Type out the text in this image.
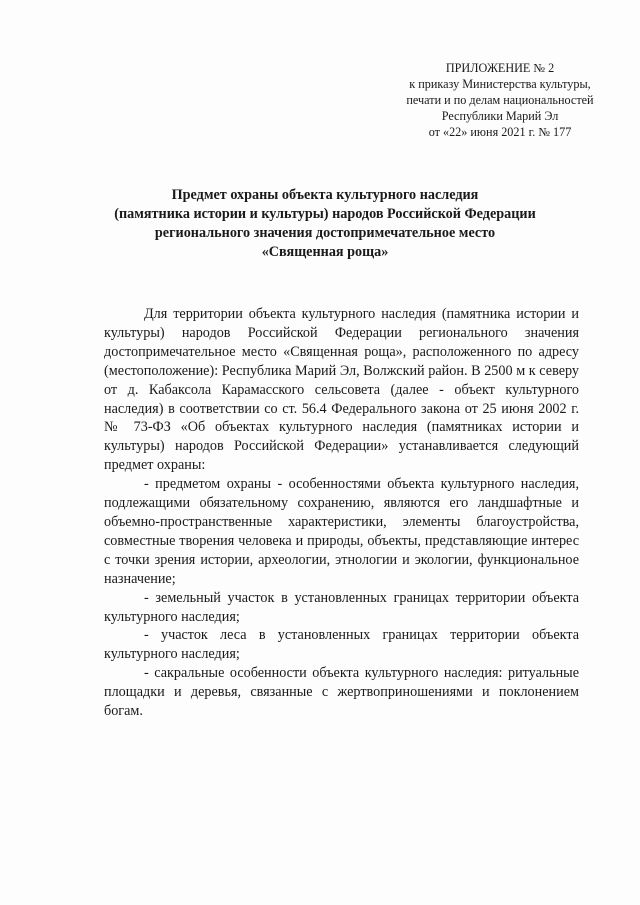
ПРИЛОЖЕНИЕ № 2
к приказу Министерства культуры,
печати и по делам национальностей
Республики Марий Эл
от «22» июня 2021 г. № 177
Предмет охраны объекта культурного наследия
(памятника истории и культуры) народов Российской Федерации
регионального значения достопримечательное место
«Священная роща»

Для территории объекта культурного наследия (памятника истории и культуры) народов Российской Федерации регионального значения достопримечательное место «Священная роща», расположенного по адресу (местоположение): Республика Марий Эл, Волжский район. В 2500 м к северу от д. Кабаксола Карамасского сельсовета (далее - объект культурного наследия) в соответствии со ст. 56.4 Федерального закона от 25 июня 2002 г. № 73-ФЗ «Об объектах культурного наследия (памятниках истории и культуры) народов Российской Федерации» устанавливается следующий предмет охраны:

- предметом охраны - особенностями объекта культурного наследия, подлежащими обязательному сохранению, являются его ландшафтные и объемно-пространственные характеристики, элементы благоустройства, совместные творения человека и природы, объекты, представляющие интерес с точки зрения истории, археологии, этнологии и экологии, функциональное назначение;

- земельный участок в установленных границах территории объекта культурного наследия;

- участок леса в установленных границах территории объекта культурного наследия;

- сакральные особенности объекта культурного наследия: ритуальные площадки и деревья, связанные с жертвоприношениями и поклонением богам.
